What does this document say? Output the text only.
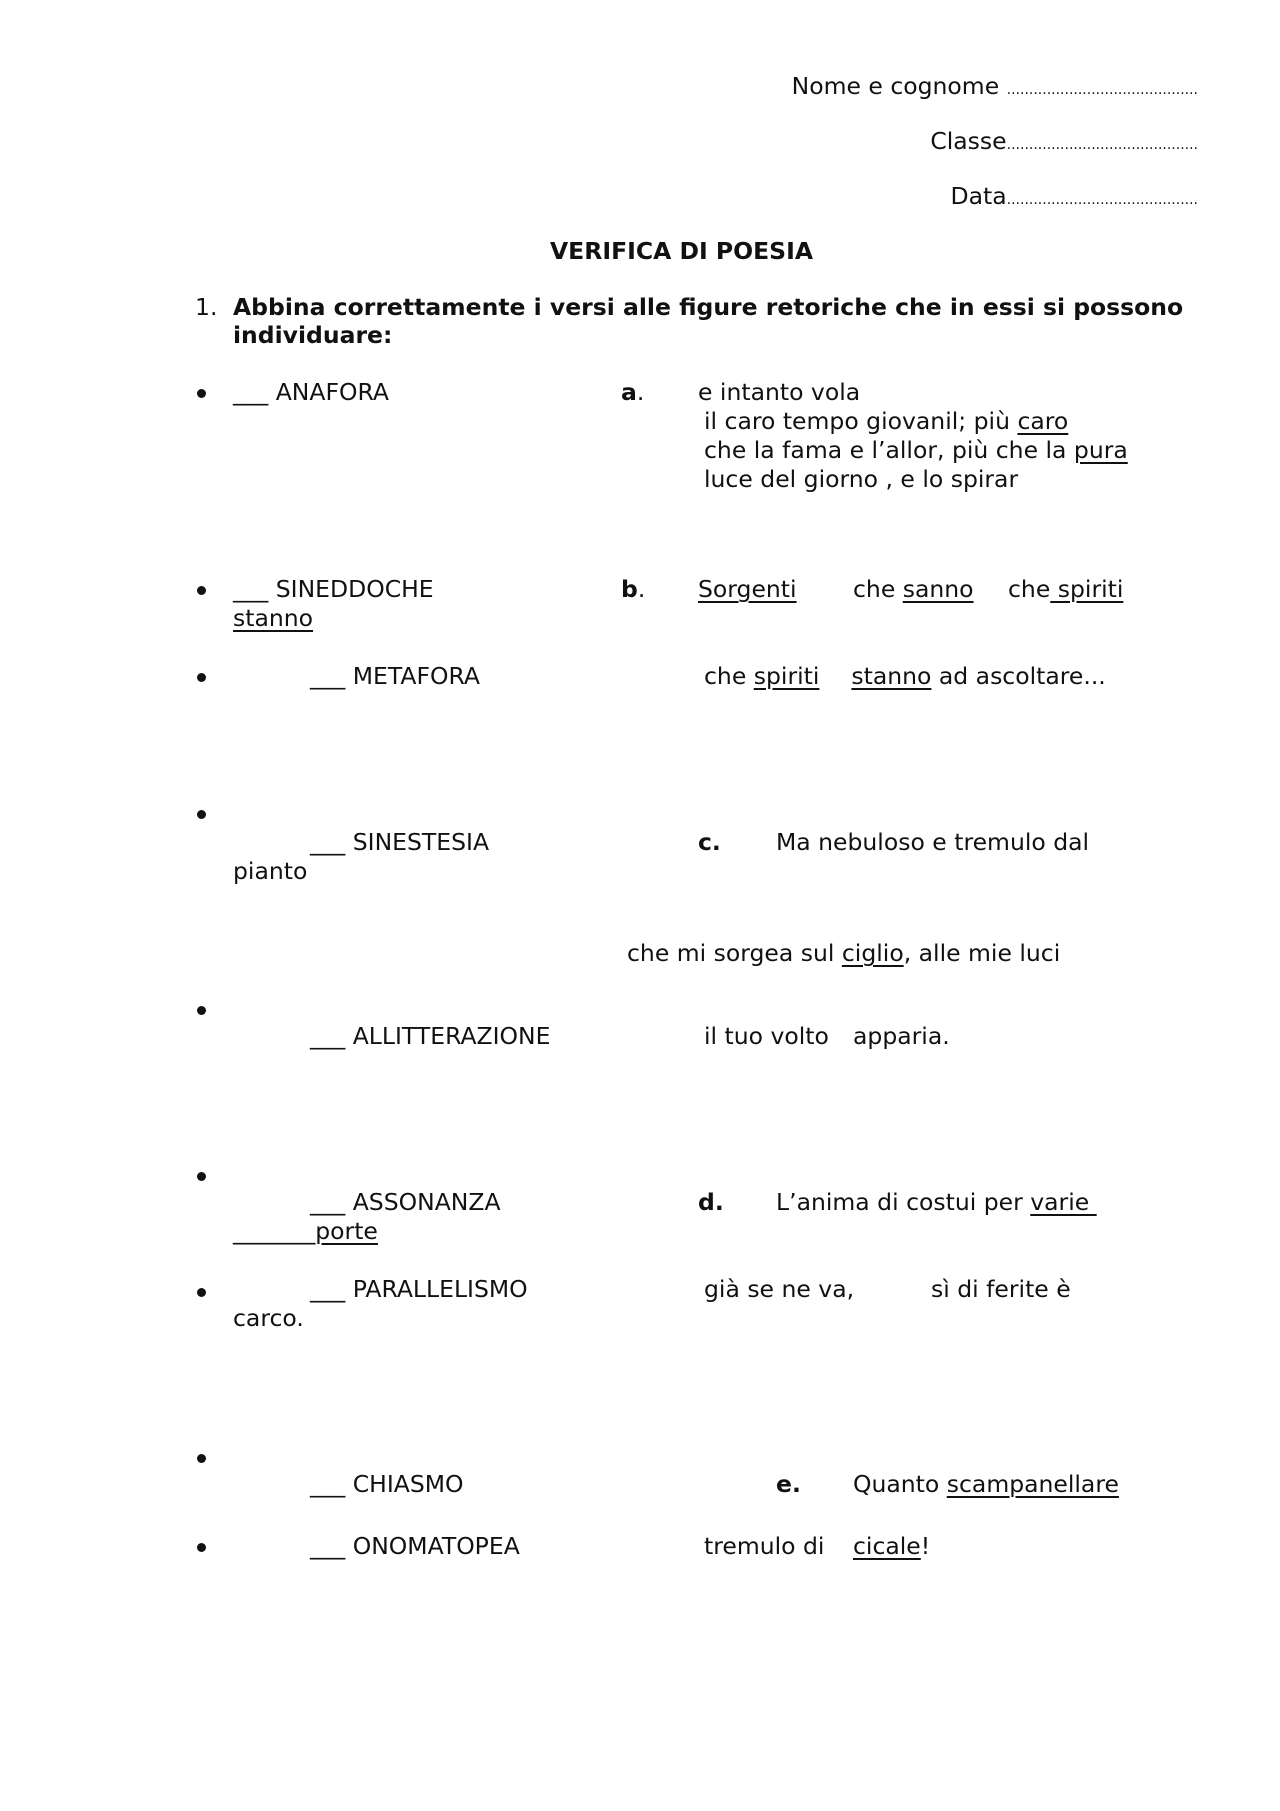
Nome e cognome ...........................................
Classe...........................................
Data...........................................
VERIFICA DI POESIA
1. Abbina correttamente i versi alle figure retoriche che in essi si possono
individuare:
___ ANAFORA
___ SINEDDOCHE
stanno
___ METAFORA
___ SINESTESIA
pianto
___ ALLITTERAZIONE
___ ASSONANZA
_______porte
___ PARALLELISMO
carco.
___ CHIASMO
___ ONOMATOPEA
a. e intanto vola
il caro tempo giovanil; più caro
che la fama e l’allor, più che la pura
luce del giorno , e lo spirar
b. Sorgenti che sanno che spiriti
che spiriti stanno ad ascoltare...
c. Ma nebuloso e tremulo dal
che mi sorgea sul ciglio, alle mie luci
il tuo volto apparia.
d. L’anima di costui per varie
già se ne va,	sì di ferite è
e. Quanto scampanellare
tremulo di cicale!
